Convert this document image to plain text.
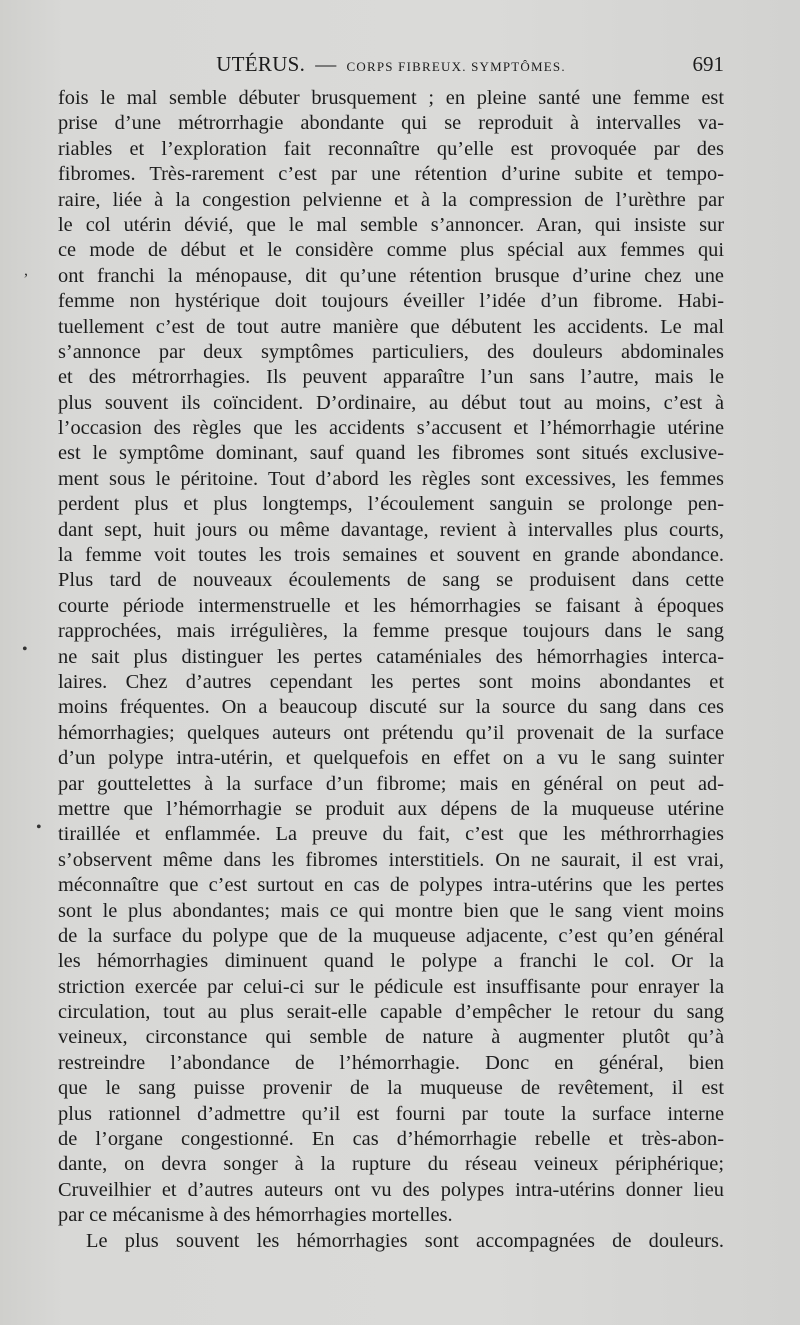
UTÉRUS. — CORPS FIBREUX. SYMPTÔMES.	691
,
•
•
fois le mal semble débuter brusquement ; en pleine santé une femme est
prise d’une métrorrhagie abondante qui se reproduit à intervalles va-
riables et l’exploration fait reconnaître qu’elle est provoquée par des
fibromes. Très-rarement c’est par une rétention d’urine subite et tempo-
raire, liée à la congestion pelvienne et à la compression de l’urèthre par
le col utérin dévié, que le mal semble s’annoncer. Aran, qui insiste sur
ce mode de début et le considère comme plus spécial aux femmes qui
ont franchi la ménopause, dit qu’une rétention brusque d’urine chez une
femme non hystérique doit toujours éveiller l’idée d’un fibrome. Habi-
tuellement c’est de tout autre manière que débutent les accidents. Le mal
s’annonce par deux symptômes particuliers, des douleurs abdominales
et des métrorrhagies. Ils peuvent apparaître l’un sans l’autre, mais le
plus souvent ils coïncident. D’ordinaire, au début tout au moins, c’est à
l’occasion des règles que les accidents s’accusent et l’hémorrhagie utérine
est le symptôme dominant, sauf quand les fibromes sont situés exclusive-
ment sous le péritoine. Tout d’abord les règles sont excessives, les femmes
perdent plus et plus longtemps, l’écoulement sanguin se prolonge pen-
dant sept, huit jours ou même davantage, revient à intervalles plus courts,
la femme voit toutes les trois semaines et souvent en grande abondance.
Plus tard de nouveaux écoulements de sang se produisent dans cette
courte période intermenstruelle et les hémorrhagies se faisant à époques
rapprochées, mais irrégulières, la femme presque toujours dans le sang
ne sait plus distinguer les pertes cataméniales des hémorrhagies interca-
laires. Chez d’autres cependant les pertes sont moins abondantes et
moins fréquentes. On a beaucoup discuté sur la source du sang dans ces
hémorrhagies; quelques auteurs ont prétendu qu’il provenait de la surface
d’un polype intra-utérin, et quelquefois en effet on a vu le sang suinter
par gouttelettes à la surface d’un fibrome; mais en général on peut ad-
mettre que l’hémorrhagie se produit aux dépens de la muqueuse utérine
tiraillée et enflammée. La preuve du fait, c’est que les méthrorrhagies
s’observent même dans les fibromes interstitiels. On ne saurait, il est vrai,
méconnaître que c’est surtout en cas de polypes intra-utérins que les pertes
sont le plus abondantes; mais ce qui montre bien que le sang vient moins
de la surface du polype que de la muqueuse adjacente, c’est qu’en général
les hémorrhagies diminuent quand le polype a franchi le col. Or la
striction exercée par celui-ci sur le pédicule est insuffisante pour enrayer la
circulation, tout au plus serait-elle capable d’empêcher le retour du sang
veineux, circonstance qui semble de nature à augmenter plutôt qu’à
restreindre l’abondance de l’hémorrhagie. Donc en général, bien
que le sang puisse provenir de la muqueuse de revêtement, il est
plus rationnel d’admettre qu’il est fourni par toute la surface interne
de l’organe congestionné. En cas d’hémorrhagie rebelle et très-abon-
dante, on devra songer à la rupture du réseau veineux périphérique;
Cruveilhier et d’autres auteurs ont vu des polypes intra-utérins donner lieu
par ce mécanisme à des hémorrhagies mortelles.
Le plus souvent les hémorrhagies sont accompagnées de douleurs.
